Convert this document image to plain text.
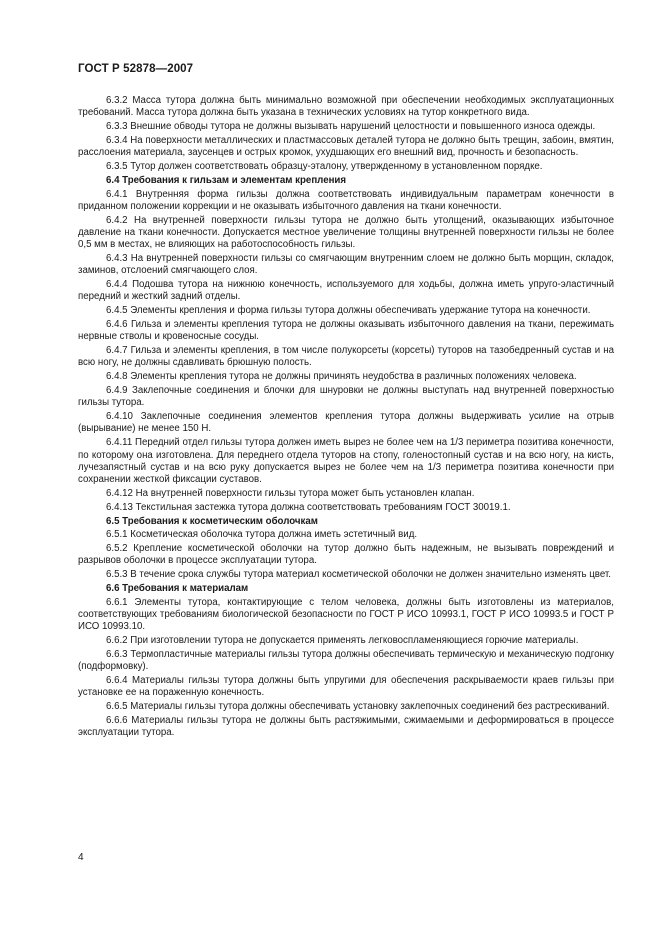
ГОСТ Р 52878—2007

6.3.2 Масса тутора должна быть минимально возможной при обеспечении необходимых эксплуатационных требований. Масса тутора должна быть указана в технических условиях на тутор конкретного вида.

6.3.3 Внешние обводы тутора не должны вызывать нарушений целостности и повышенного износа одежды.

6.3.4 На поверхности металлических и пластмассовых деталей тутора не должно быть трещин, забоин, вмятин, расслоения материала, заусенцев и острых кромок, ухудшающих его внешний вид, прочность и безопасность.

6.3.5 Тутор должен соответствовать образцу-эталону, утвержденному в установленном порядке.

6.4 Требования к гильзам и элементам крепления

6.4.1 Внутренняя форма гильзы должна соответствовать индивидуальным параметрам конечности в приданном положении коррекции и не оказывать избыточного давления на ткани конечности.

6.4.2 На внутренней поверхности гильзы тутора не должно быть утолщений, оказывающих избыточное давление на ткани конечности. Допускается местное увеличение толщины внутренней поверхности гильзы не более 0,5 мм в местах, не влияющих на работоспособность гильзы.

6.4.3 На внутренней поверхности гильзы со смягчающим внутренним слоем не должно быть морщин, складок, заминов, отслоений смягчающего слоя.

6.4.4 Подошва тутора на нижнюю конечность, используемого для ходьбы, должна иметь упруго-эластичный передний и жесткий задний отделы.

6.4.5 Элементы крепления и форма гильзы тутора должны обеспечивать удержание тутора на конечности.

6.4.6 Гильза и элементы крепления тутора не должны оказывать избыточного давления на ткани, пережимать нервные стволы и кровеносные сосуды.

6.4.7 Гильза и элементы крепления, в том числе полукорсеты (корсеты) туторов на тазобедренный сустав и на всю ногу, не должны сдавливать брюшную полость.

6.4.8 Элементы крепления тутора не должны причинять неудобства в различных положениях человека.

6.4.9 Заклепочные соединения и блочки для шнуровки не должны выступать над внутренней поверхностью гильзы тутора.

6.4.10 Заклепочные соединения элементов крепления тутора должны выдерживать усилие на отрыв (вырывание) не менее 150 Н.

6.4.11 Передний отдел гильзы тутора должен иметь вырез не более чем на 1/3 периметра позитива конечности, по которому она изготовлена. Для переднего отдела туторов на стопу, голеностопный сустав и на всю ногу, на кисть, лучезапястный сустав и на всю руку допускается вырез не более чем на 1/3 периметра позитива конечности при сохранении жесткой фиксации суставов.

6.4.12 На внутренней поверхности гильзы тутора может быть установлен клапан.

6.4.13 Текстильная застежка тутора должна соответствовать требованиям ГОСТ 30019.1.

6.5 Требования к косметическим оболочкам

6.5.1 Косметическая оболочка тутора должна иметь эстетичный вид.

6.5.2 Крепление косметической оболочки на тутор должно быть надежным, не вызывать повреждений и разрывов оболочки в процессе эксплуатации тутора.

6.5.3 В течение срока службы тутора материал косметической оболочки не должен значительно изменять цвет.

6.6 Требования к материалам

6.6.1 Элементы тутора, контактирующие с телом человека, должны быть изготовлены из материалов, соответствующих требованиям биологической безопасности по ГОСТ Р ИСО 10993.1, ГОСТ Р ИСО 10993.5 и ГОСТ Р ИСО 10993.10.

6.6.2 При изготовлении тутора не допускается применять легковоспламеняющиеся горючие материалы.

6.6.3 Термопластичные материалы гильзы тутора должны обеспечивать термическую и механическую подгонку (подформовку).

6.6.4 Материалы гильзы тутора должны быть упругими для обеспечения раскрываемости краев гильзы при установке ее на пораженную конечность.

6.6.5 Материалы гильзы тутора должны обеспечивать установку заклепочных соединений без растрескиваний.

6.6.6 Материалы гильзы тутора не должны быть растяжимыми, сжимаемыми и деформироваться в процессе эксплуатации тутора.

4
